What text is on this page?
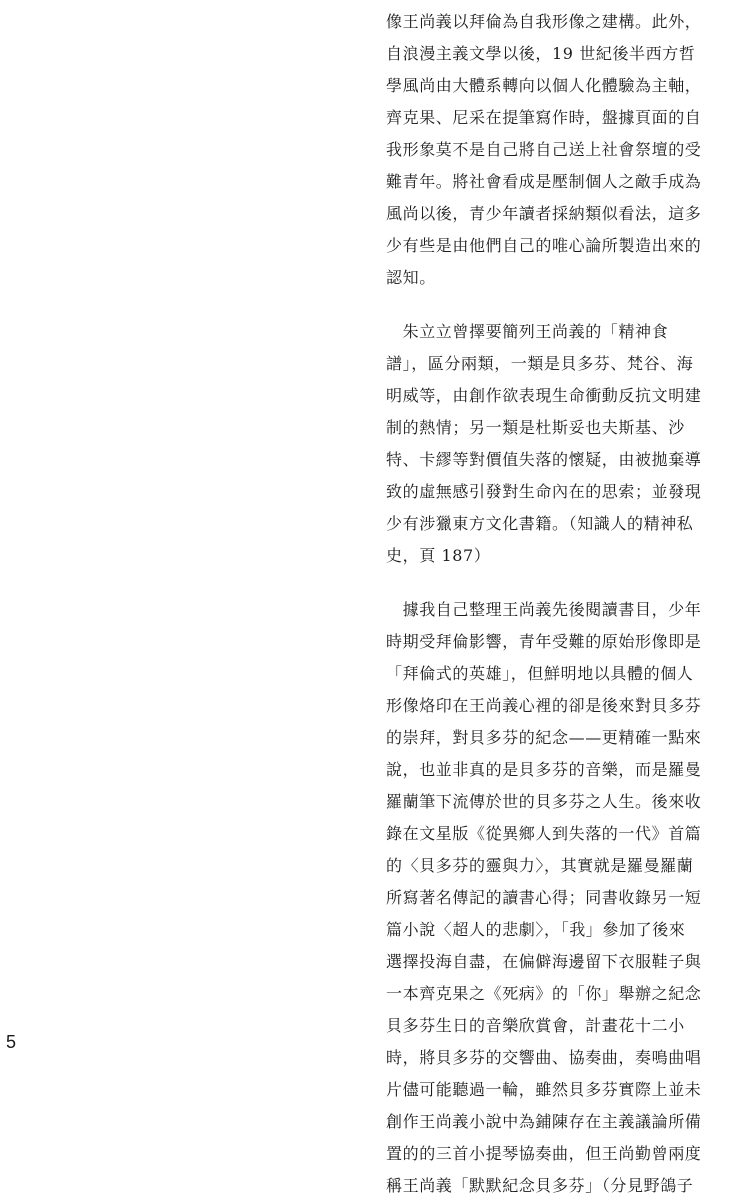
像王尚義以拜倫為自我形像之建構。此外，
自浪漫主義文學以後，19 世紀後半西方哲
學風尚由大體系轉向以個人化體驗為主軸，
齊克果、尼采在提筆寫作時，盤據頁面的自
我形象莫不是自己將自己送上社會祭壇的受
難青年。將社會看成是壓制個人之敵手成為
風尚以後，青少年讀者採納類似看法，這多
少有些是由他們自己的唯心論所製造出來的
認知。
　朱立立曾擇要簡列王尚義的「精神食
譜」，區分兩類，一類是貝多芬、梵谷、海
明威等，由創作欲表現生命衝動反抗文明建
制的熱情；另一類是杜斯妥也夫斯基、沙
特、卡繆等對價值失落的懷疑，由被拋棄導
致的虛無感引發對生命內在的思索；並發現
少有涉獵東方文化書籍。（知識人的精神私
史，頁 187）
　據我自己整理王尚義先後閱讀書目，少年
時期受拜倫影響，青年受難的原始形像即是
「拜倫式的英雄」，但鮮明地以具體的個人
形像烙印在王尚義心裡的卻是後來對貝多芬
的崇拜，對貝多芬的紀念——更精確一點來
說，也並非真的是貝多芬的音樂，而是羅曼
羅蘭筆下流傳於世的貝多芬之人生。後來收
錄在文星版《從異鄉人到失落的一代》首篇
的〈貝多芬的靈與力〉，其實就是羅曼羅蘭
所寫著名傳記的讀書心得；同書收錄另一短
篇小說〈超人的悲劇〉，「我」參加了後來
選擇投海自盡，在偏僻海邊留下衣服鞋子與
一本齊克果之《死病》的「你」舉辦之紀念
貝多芬生日的音樂欣賞會，計畫花十二小
時，將貝多芬的交響曲、協奏曲，奏鳴曲唱
片儘可能聽過一輪，雖然貝多芬實際上並未
創作王尚義小說中為鋪陳存在主義議論所備
置的的三首小提琴協奏曲，但王尚勤曾兩度
稱王尚義「默默紀念貝多芬」（分見野鴿子
5
